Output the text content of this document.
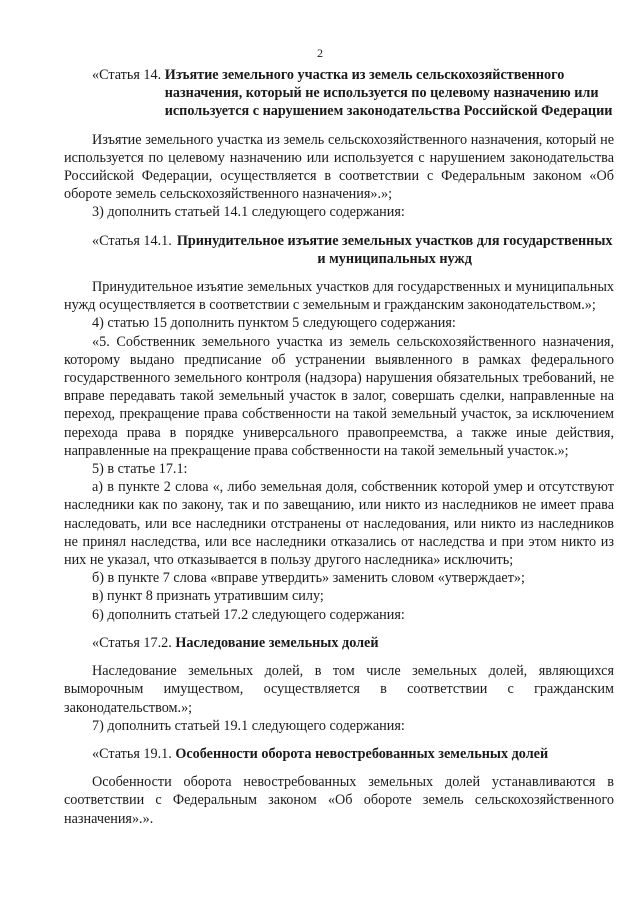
2
«Статья 14. Изъятие земельного участка из земель сельскохозяйственного назначения, который не используется по целевому назначению или используется с нарушением законодательства Российской Федерации

Изъятие земельного участка из земель сельскохозяйственного назначения, который не используется по целевому назначению или используется с нарушением законодательства Российской Федерации, осуществляется в соответствии с Федеральным законом «Об обороте земель сельскохозяйственного назначения».»;

3) дополнить статьей 14.1 следующего содержания:

«Статья 14.1. Принудительное изъятие земельных участков для государственных и муниципальных нужд

Принудительное изъятие земельных участков для государственных и муниципальных нужд осуществляется в соответствии с земельным и гражданским законодательством.»;

4) статью 15 дополнить пунктом 5 следующего содержания:

«5. Собственник земельного участка из земель сельскохозяйственного назначения, которому выдано предписание об устранении выявленного в рамках федерального государственного земельного контроля (надзора) нарушения обязательных требований, не вправе передавать такой земельный участок в залог, совершать сделки, направленные на переход, прекращение права собственности на такой земельный участок, за исключением перехода права в порядке универсального правопреемства, а также иные действия, направленные на прекращение права собственности на такой земельный участок.»;

5) в статье 17.1:

а) в пункте 2 слова «, либо земельная доля, собственник которой умер и отсутствуют наследники как по закону, так и по завещанию, или никто из наследников не имеет права наследовать, или все наследники отстранены от наследования, или никто из наследников не принял наследства, или все наследники отказались от наследства и при этом никто из них не указал, что отказывается в пользу другого наследника» исключить;

б) в пункте 7 слова «вправе утвердить» заменить словом «утверждает»;

в) пункт 8 признать утратившим силу;

6) дополнить статьей 17.2 следующего содержания:

«Статья 17.2. Наследование земельных долей

Наследование земельных долей, в том числе земельных долей, являющихся выморочным имуществом, осуществляется в соответствии с гражданским законодательством.»;

7) дополнить статьей 19.1 следующего содержания:

«Статья 19.1. Особенности оборота невостребованных земельных долей

Особенности оборота невостребованных земельных долей устанавливаются в соответствии с Федеральным законом «Об обороте земель сельскохозяйственного назначения».».
